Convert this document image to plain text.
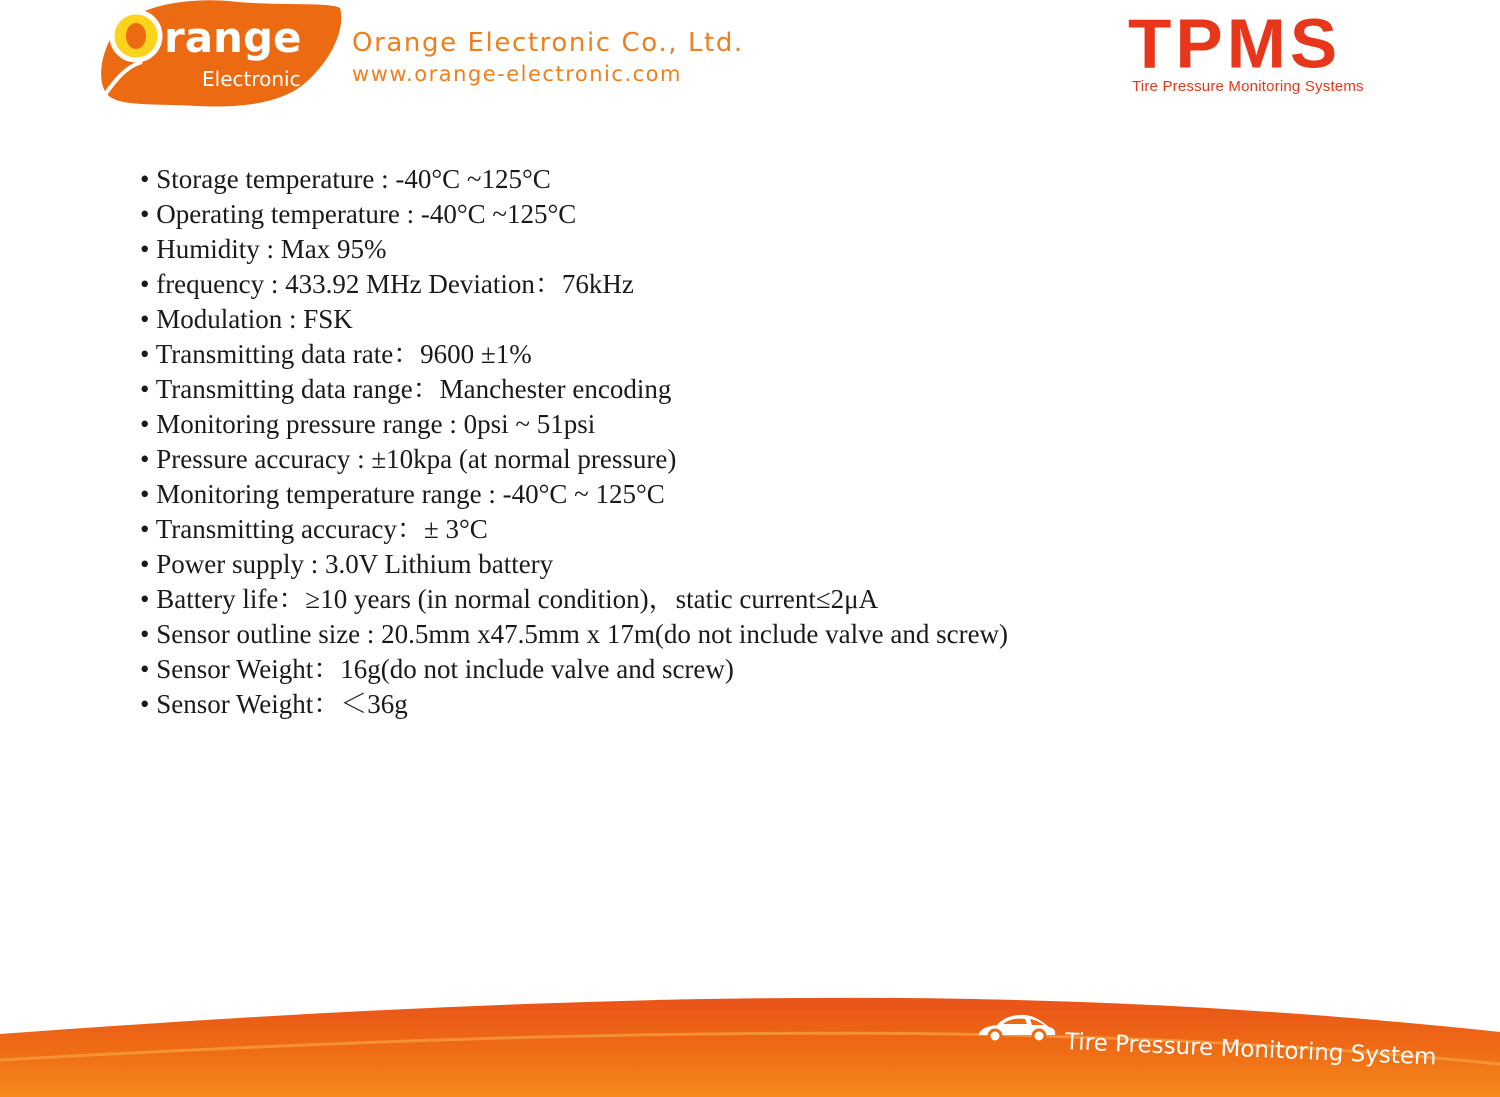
range
Electronic
Orange Electronic Co., Ltd.
www.orange-electronic.com	TPMS
Tire Pressure Monitoring Systems
• Storage temperature : -40°C ~125°C
• Operating temperature : -40°C ~125°C
• Humidity : Max 95%
• frequency : 433.92 MHz Deviation：76kHz
• Modulation : FSK
• Transmitting data rate：9600 ±1%
• Transmitting data range：Manchester encoding
• Monitoring pressure range : 0psi ~ 51psi
• Pressure accuracy : ±10kpa (at normal pressure)
• Monitoring temperature range : -40°C ~ 125°C
• Transmitting accuracy：± 3°C
• Power supply : 3.0V Lithium battery
• Battery life：≥10 years (in normal condition)，static current≤2μA
• Sensor outline size : 20.5mm x47.5mm x 17m(do not include valve and screw)
• Sensor Weight：16g(do not include valve and screw)
• Sensor Weight：＜36g
Tire Pressure Monitoring System
